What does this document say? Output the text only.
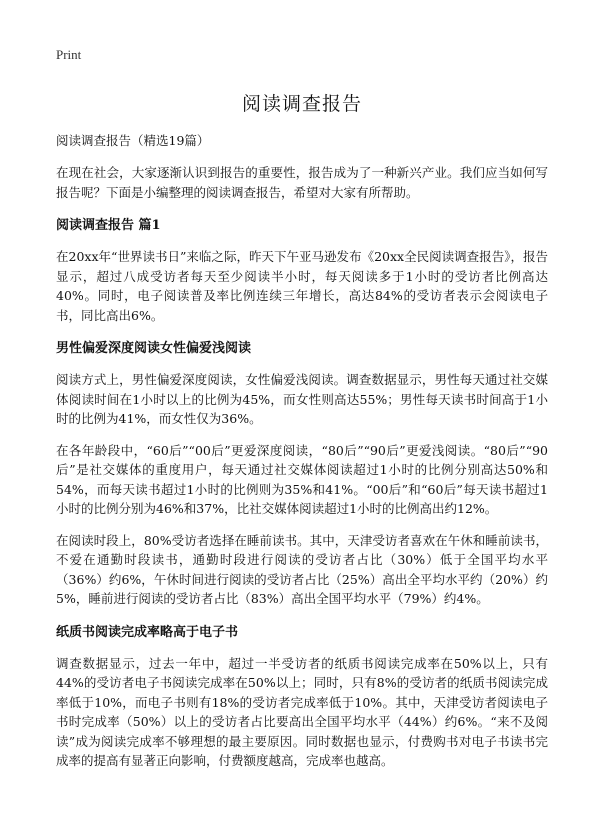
Print
阅读调查报告
阅读调查报告（精选19篇）

在现在社会，大家逐渐认识到报告的重要性，报告成为了一种新兴产业。我们应当如何写报告呢？下面是小编整理的阅读调查报告，希望对大家有所帮助。

阅读调查报告 篇1

在20xx年“世界读书日”来临之际，昨天下午亚马逊发布《20xx全民阅读调查报告》，报告显示，超过八成受访者每天至少阅读半小时，每天阅读多于1小时的受访者比例高达40%。同时，电子阅读普及率比例连续三年增长，高达84%的受访者表示会阅读电子书，同比高出6%。

男性偏爱深度阅读女性偏爱浅阅读

阅读方式上，男性偏爱深度阅读，女性偏爱浅阅读。调查数据显示，男性每天通过社交媒体阅读时间在1小时以上的比例为45%，而女性则高达55%；男性每天读书时间高于1小时的比例为41%，而女性仅为36%。

在各年龄段中，“60后”“00后”更爱深度阅读，“80后”“90后”更爱浅阅读。“80后”“90后”是社交媒体的重度用户，每天通过社交媒体阅读超过1小时的比例分别高达50%和54%，而每天读书超过1小时的比例则为35%和41%。“00后”和“60后”每天读书超过1小时的比例分别为46%和37%，比社交媒体阅读超过1小时的比例高出约12%。

在阅读时段上，80%受访者选择在睡前读书。其中，天津受访者喜欢在午休和睡前读书，不爱在通勤时段读书，通勤时段进行阅读的受访者占比（30%）低于全国平均水平（36%）约6%，午休时间进行阅读的受访者占比（25%）高出全平均水平约（20%）约5%，睡前进行阅读的受访者占比（83%）高出全国平均水平（79%）约4%。

纸质书阅读完成率略高于电子书

调查数据显示，过去一年中，超过一半受访者的纸质书阅读完成率在50%以上，只有44%的受访者电子书阅读完成率在50%以上；同时，只有8%的受访者的纸质书阅读完成率低于10%，而电子书则有18%的受访者完成率低于10%。其中，天津受访者阅读电子书时完成率（50%）以上的受访者占比要高出全国平均水平（44%）约6%。“来不及阅读”成为阅读完成率不够理想的最主要原因。同时数据也显示，付费购书对电子书读书完成率的提高有显著正向影响，付费额度越高，完成率也越高。
